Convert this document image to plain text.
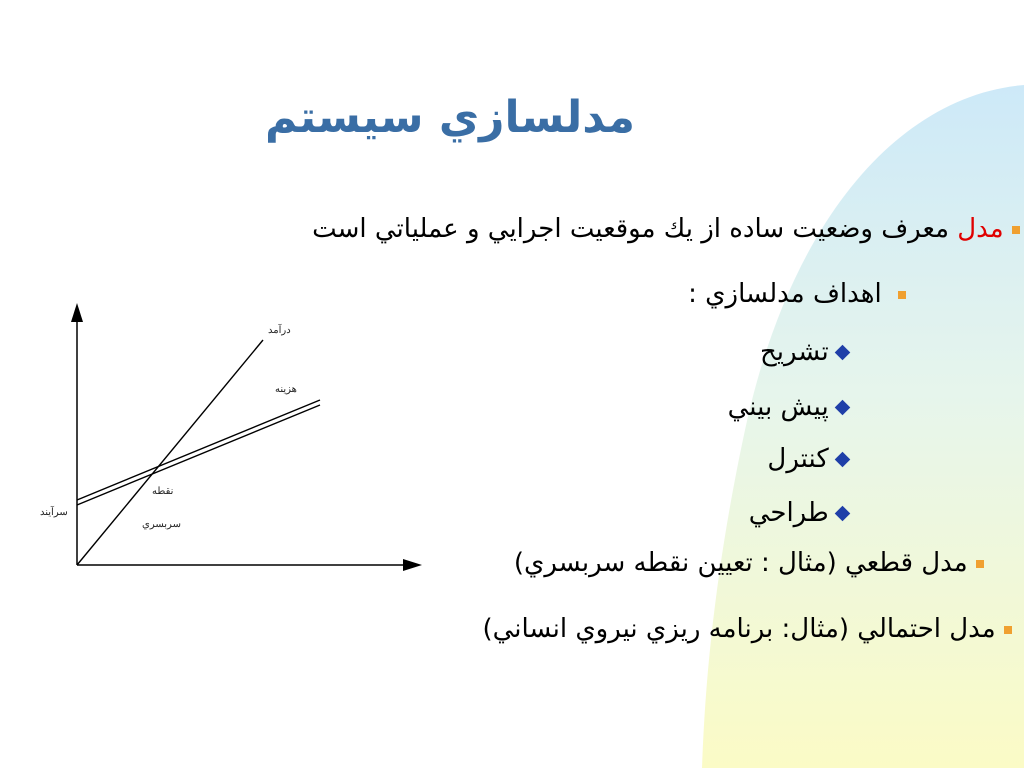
مدلسازي سيستم
مدل معرف وضعيت ساده از يك موقعيت اجرايي و عملياتي است
اهداف مدلسازي :
تشريح
پيش بيني
كنترل
طراحي
مدل قطعي (مثال : تعيين نقطه سربسري)
مدل احتمالي (مثال: برنامه ريزي نيروي انساني)
درآمد
هزينه
نقطه
سربسري
سرآيند
